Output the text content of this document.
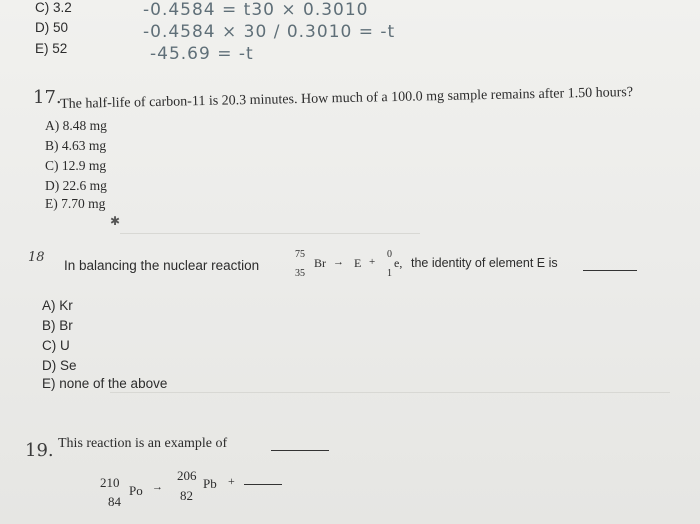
C) 3.2
D) 50
E) 52
-0.4584 = t30 × 0.3010
-0.4584 × 30 / 0.3010 = -t
-45.69 = -t
17.
The half-life of carbon-11 is 20.3 minutes. How much of a 100.0 mg sample remains after 1.50 hours?
A) 8.48 mg
B) 4.63 mg
C) 12.9 mg
D) 22.6 mg
E) 7.70 mg
✱
18
In balancing the nuclear reaction
75
35
Br → E +
0
1
e, the identity of element E is
A) Kr
B) Br
C) U
D) Se
E) none of the above
19. This reaction is an example of
210
84
Po →
206
82
Pb +
